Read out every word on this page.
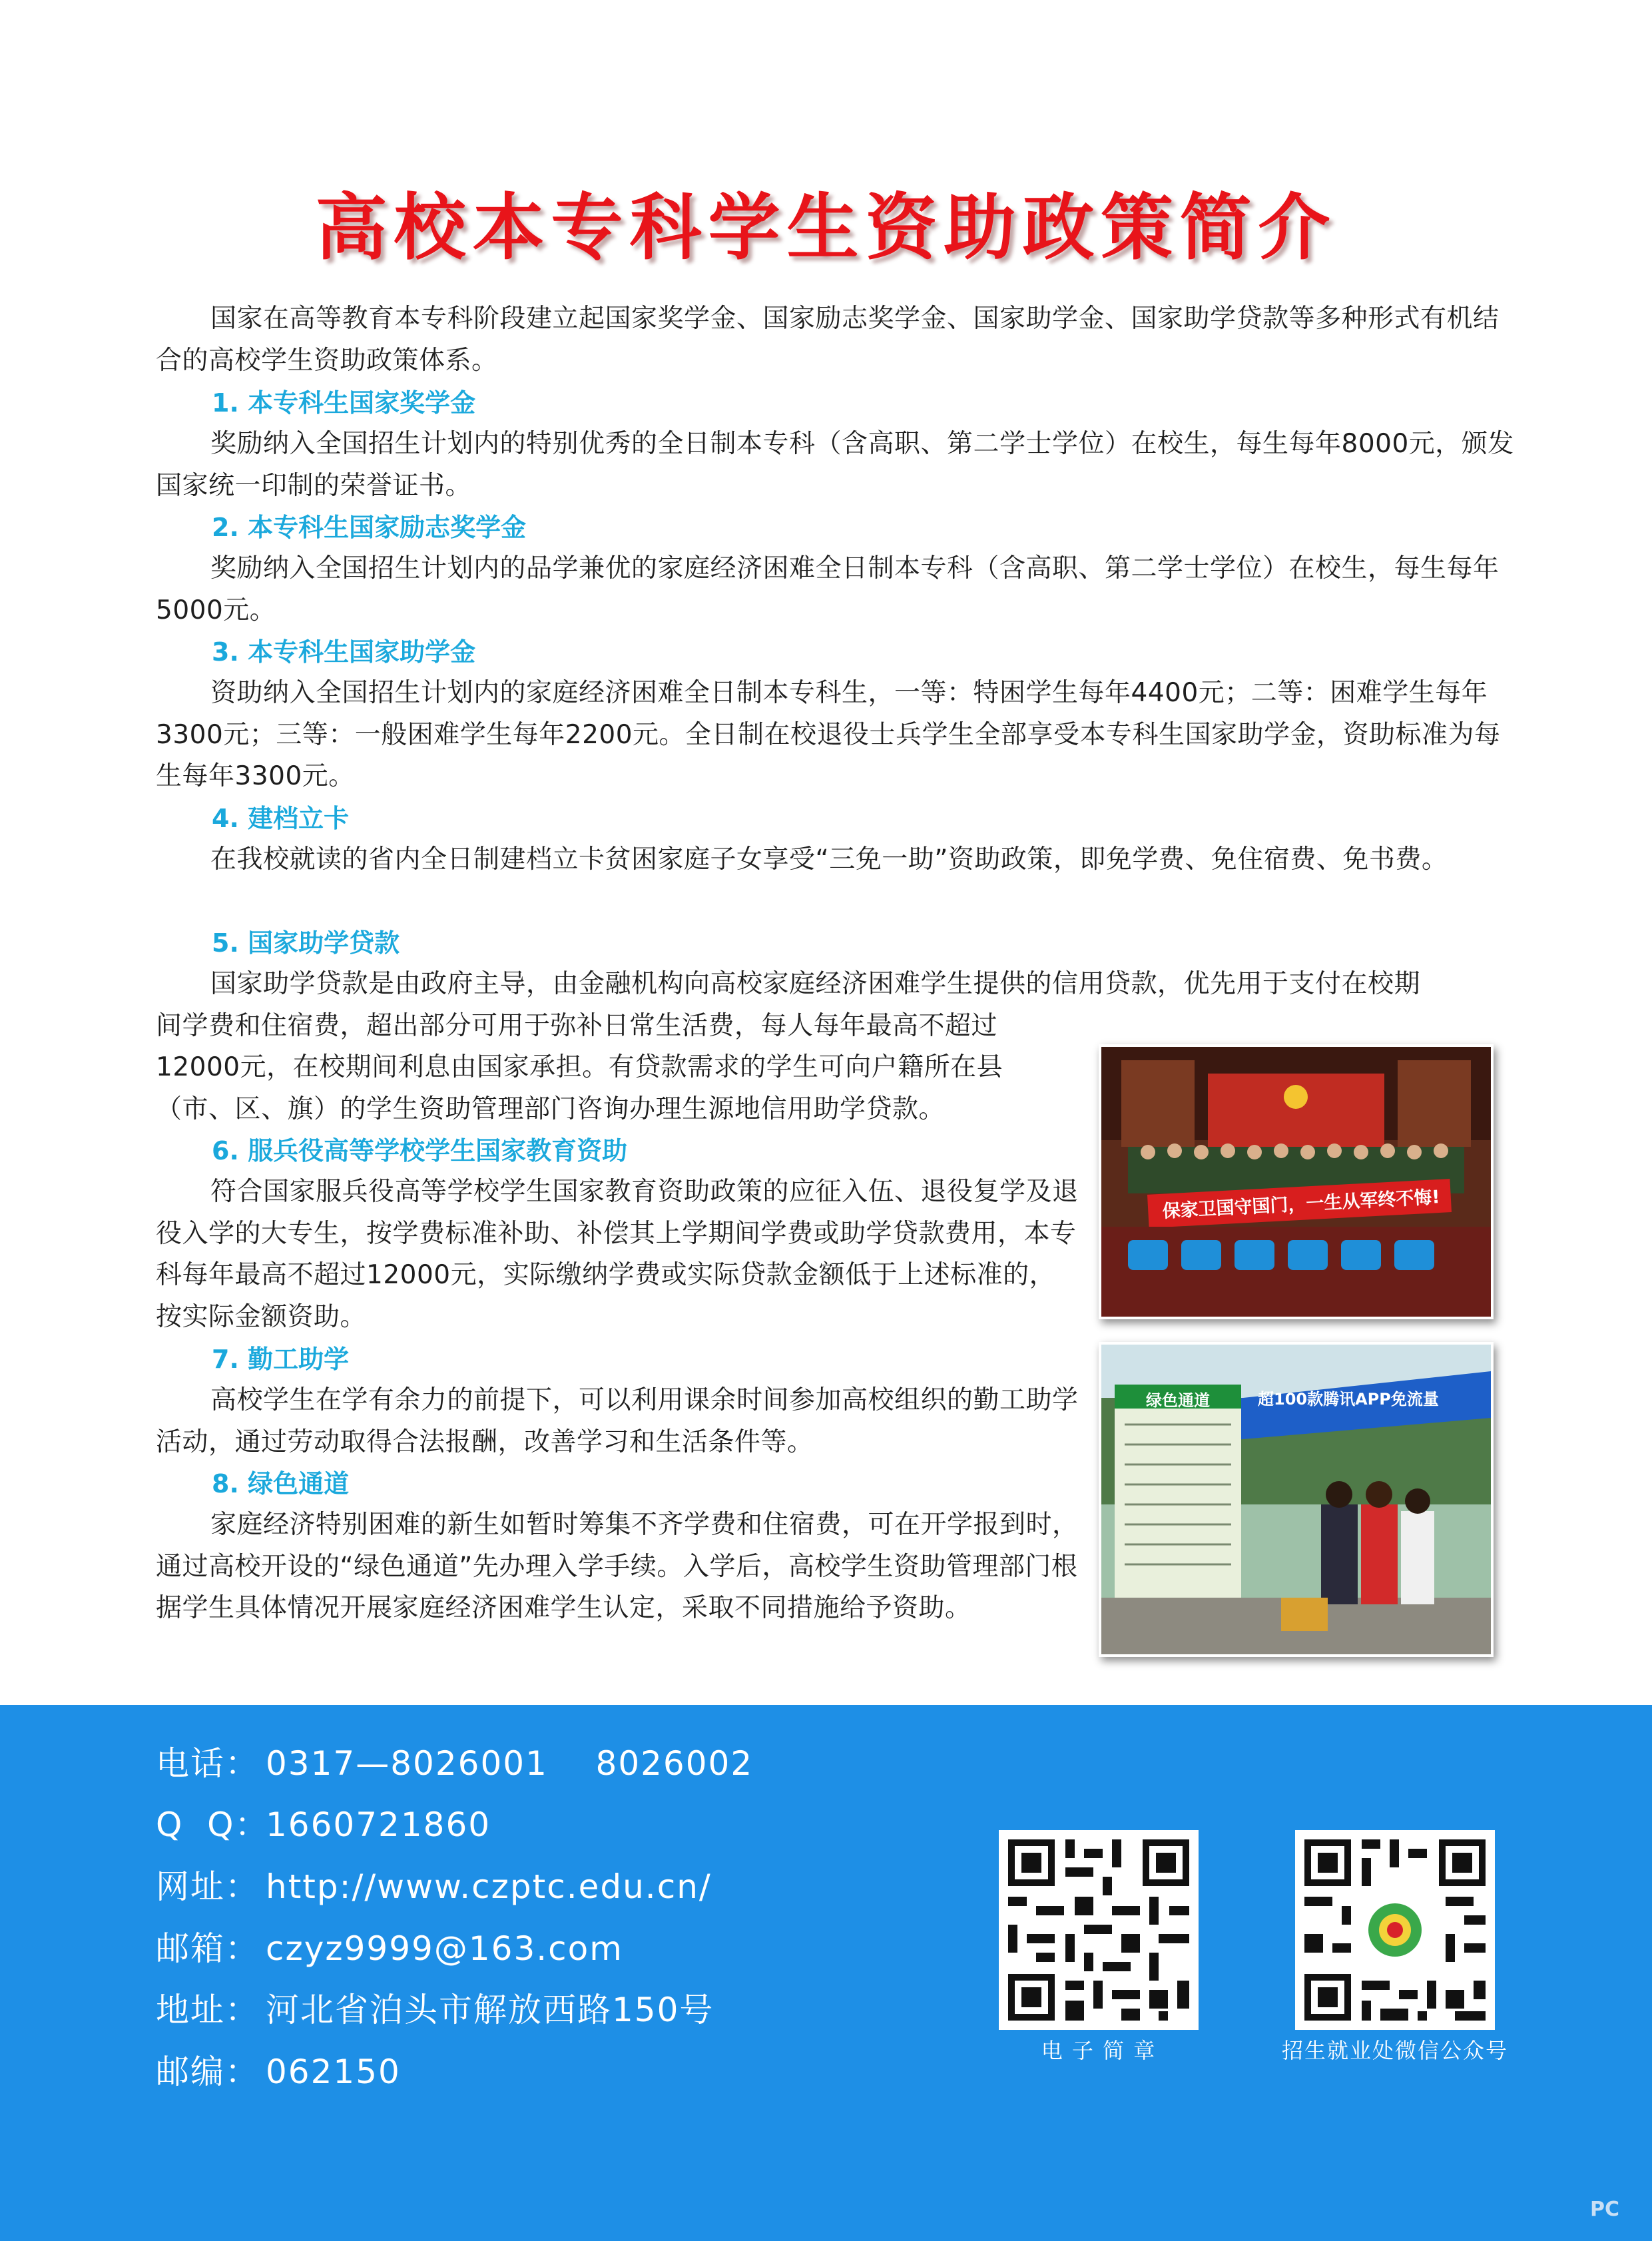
高校本专科学生资助政策简介

国家在高等教育本专科阶段建立起国家奖学金、国家励志奖学金、国家助学金、国家助学贷款等多种形式有机结合的高校学生资助政策体系。

1. 本专科生国家奖学金

奖励纳入全国招生计划内的特别优秀的全日制本专科（含高职、第二学士学位）在校生，每生每年8000元，颁发国家统一印制的荣誉证书。

2. 本专科生国家励志奖学金

奖励纳入全国招生计划内的品学兼优的家庭经济困难全日制本专科（含高职、第二学士学位）在校生，每生每年5000元。

3. 本专科生国家助学金

资助纳入全国招生计划内的家庭经济困难全日制本专科生，一等：特困学生每年4400元；二等：困难学生每年3300元；三等：一般困难学生每年2200元。全日制在校退役士兵学生全部享受本专科生国家助学金，资助标准为每生每年3300元。

4. 建档立卡

在我校就读的省内全日制建档立卡贫困家庭子女享受“三免一助”资助政策，即免学费、免住宿费、免书费。

5. 国家助学贷款

国家助学贷款是由政府主导，由金融机构向高校家庭经济困难学生提供的信用贷款，优先用于支付在校期
间学费和住宿费，超出部分可用于弥补日常生活费，每人每年最高不超过
12000元，在校期间利息由国家承担。有贷款需求的学生可向户籍所在县
（市、区、旗）的学生资助管理部门咨询办理生源地信用助学贷款。

6. 服兵役高等学校学生国家教育资助

符合国家服兵役高等学校学生国家教育资助政策的应征入伍、退役复学及退役入学的大专生，按学费标准补助、补偿其上学期间学费或助学贷款费用，本专科每年最高不超过12000元，实际缴纳学费或实际贷款金额低于上述标准的，按实际金额资助。

7. 勤工助学

高校学生在学有余力的前提下，可以利用课余时间参加高校组织的勤工助学活动，通过劳动取得合法报酬，改善学习和生活条件等。

8. 绿色通道

家庭经济特别困难的新生如暂时筹集不齐学费和住宿费，可在开学报到时，通过高校开设的“绿色通道”先办理入学手续。入学后，高校学生资助管理部门根据学生具体情况开展家庭经济困难学生认定，采取不同措施给予资助。

保家卫国守国门，一生从军终不悔!
绿色通道	超100款腾讯APP免流量
电话： 0317—8026001    8026002
Q  Q：1660721860
网址： http://www.czptc.edu.cn/
邮箱： czyz9999@163.com
地址： 河北省泊头市解放西路150号
邮编： 062150
电 子 简 章	招生就业处微信公众号
PC
